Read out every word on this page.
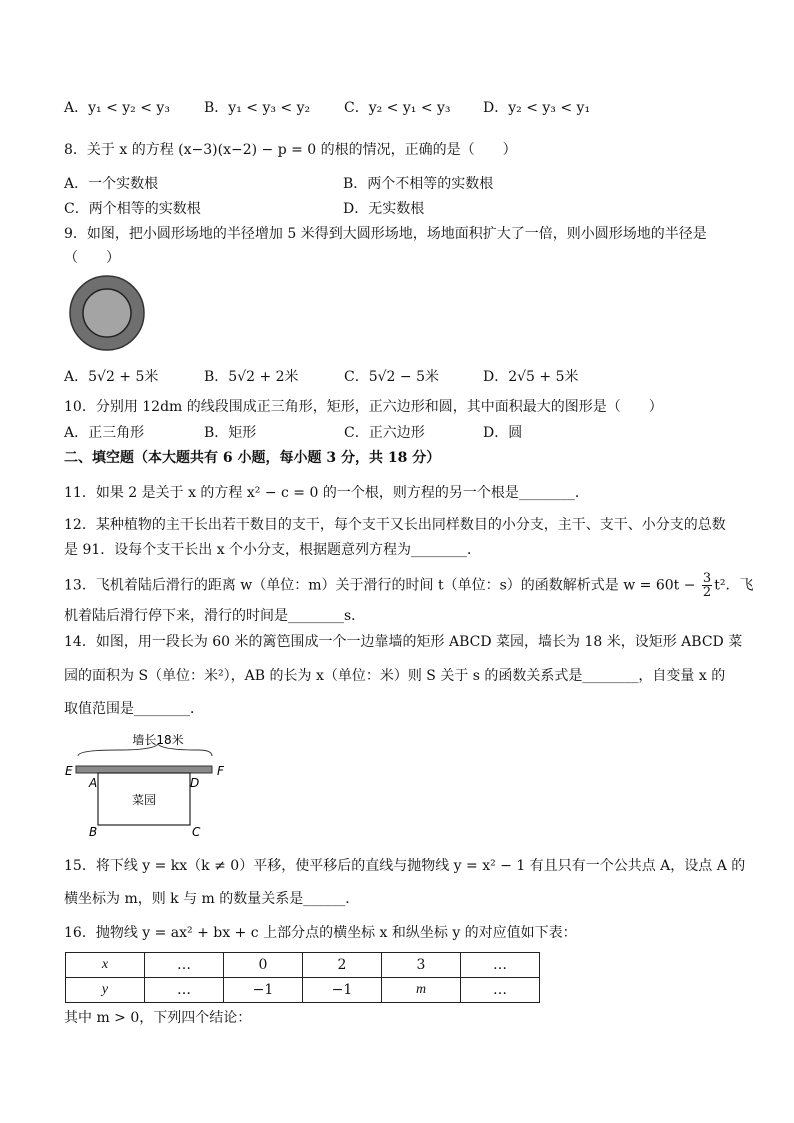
A．y₁ < y₂ < y₃ B．y₁ < y₃ < y₂ C．y₂ < y₁ < y₃ D．y₂ < y₃ < y₁
8．关于 x 的方程 (x−3)(x−2) − p = 0 的根的情况，正确的是（　　）
A．一个实数根	B．两个不相等的实数根
C．两个相等的实数根	D．无实数根
9．如图，把小圆形场地的半径增加 5 米得到大圆形场地，场地面积扩大了一倍，则小圆形场地的半径是
（　　）
A．5√2 + 5米	B．5√2 + 2米	C．5√2 − 5米	D．2√5 + 5米
10．分别用 12dm 的线段围成正三角形，矩形，正六边形和圆，其中面积最大的图形是（　　）
A．正三角形	B．矩形	C．正六边形	D．圆
二、填空题（本大题共有 6 小题，每小题 3 分，共 18 分）
11．如果 2 是关于 x 的方程 x² − c = 0 的一个根，则方程的另一个根是________．
12．某种植物的主干长出若干数目的支干，每个支干又长出同样数目的小分支，主干、支干、小分支的总数
是 91．设每个支干长出 x 个小分支，根据题意列方程为________．
13．飞机着陆后滑行的距离 w（单位：m）关于滑行的时间 t（单位：s）的函数解析式是 $w = 60t - \frac{3}{2} t^2$．飞
机着陆后滑行停下来，滑行的时间是________s．
14．如图，用一段长为 60 米的篱笆围成一个一边靠墙的矩形 ABCD 菜园，墙长为 18 米，设矩形 ABCD 菜
园的面积为 S（单位：米²），AB 的长为 x（单位：米）则 S 关于 s 的函数关系式是________，自变量 x 的
取值范围是________．
墙长18米
菜园
E	F
A	D
B	C
15．将下线 y = kx（k ≠ 0）平移，使平移后的直线与抛物线 y = x² − 1 有且只有一个公共点 A，设点 A 的
横坐标为 m，则 k 与 m 的数量关系是______．
16．抛物线 y = ax² + bx + c 上部分点的横坐标 x 和纵坐标 y 的对应值如下表：
x	…	0	2	3	…
y	…	−1	−1	m	…
其中 m > 0，下列四个结论：
